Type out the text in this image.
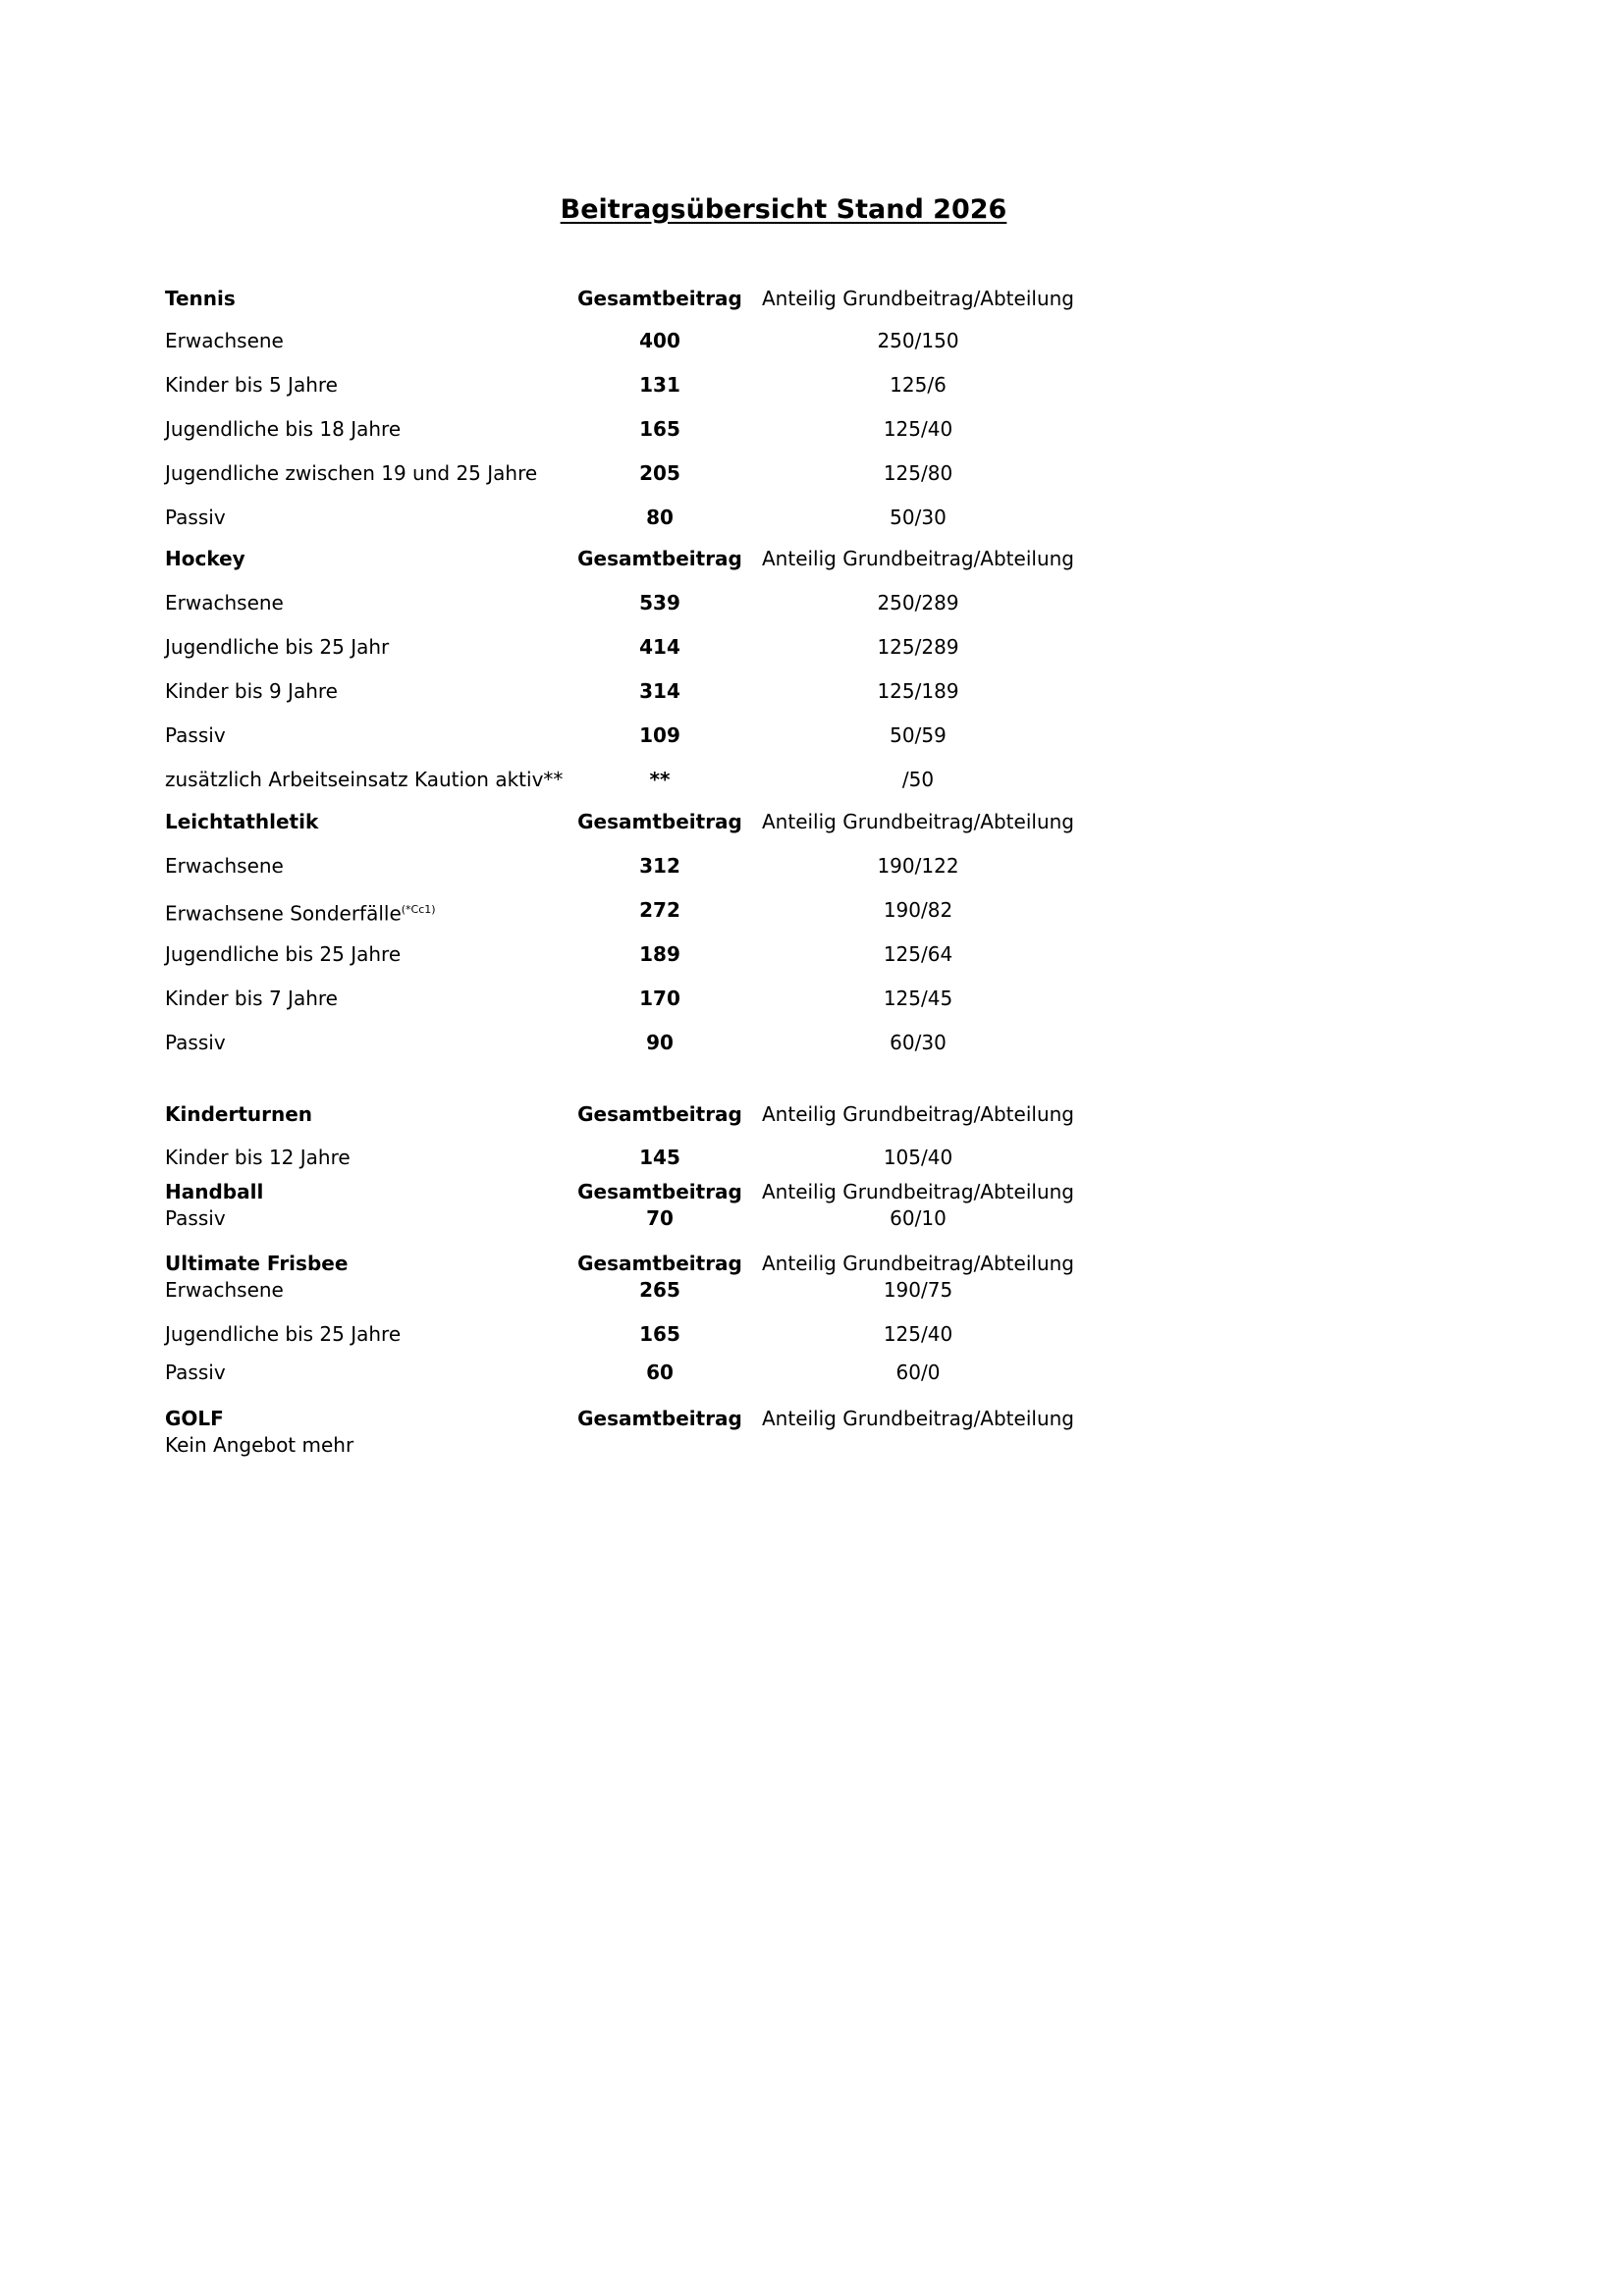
Beitragsübersicht Stand 2026
Tennis	Gesamtbeitrag	Anteilig Grundbeitrag/Abteilung
Erwachsene	400	250/150
Kinder bis 5 Jahre	131	125/6
Jugendliche bis 18 Jahre	165	125/40
Jugendliche zwischen 19 und 25 Jahre	205	125/80
Passiv	80	50/30
Hockey	Gesamtbeitrag	Anteilig Grundbeitrag/Abteilung
Erwachsene	539	250/289
Jugendliche bis 25 Jahr	414	125/289
Kinder bis 9 Jahre	314	125/189
Passiv	109	50/59
zusätzlich Arbeitseinsatz Kaution aktiv**	**	/50
Leichtathletik	Gesamtbeitrag	Anteilig Grundbeitrag/Abteilung
Erwachsene	312	190/122
Erwachsene Sonderfälle$^{(*Cc1)}$	272	190/82
Jugendliche bis 25 Jahre	189	125/64
Kinder bis 7 Jahre	170	125/45
Passiv	90	60/30
Kinderturnen	Gesamtbeitrag	Anteilig Grundbeitrag/Abteilung
Kinder bis 12 Jahre	145	105/40
Handball	Gesamtbeitrag	Anteilig Grundbeitrag/Abteilung
Passiv	70	60/10
Ultimate Frisbee	Gesamtbeitrag	Anteilig Grundbeitrag/Abteilung
Erwachsene	265	190/75
Jugendliche bis 25 Jahre	165	125/40
Passiv	60	60/0
GOLF	Gesamtbeitrag	Anteilig Grundbeitrag/Abteilung
Kein Angebot mehr
